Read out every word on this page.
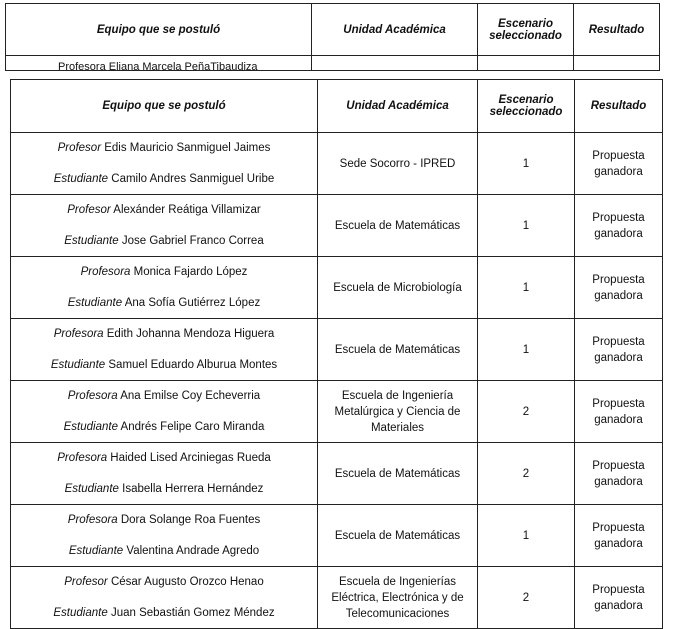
Equipo que se postuló	Unidad Académica	Escenario seleccionado	Resultado

Profesora Eliana Marcela PeñaTibaudiza			

Equipo que se postuló	Unidad Académica	Escenario seleccionado	Resultado

Profesor Edis Mauricio Sanmiguel Jaimes
Estudiante Camilo Andres Sanmiguel Uribe	Sede Socorro - IPRED	1	Propuesta ganadora

Profesor Alexánder Reátiga Villamizar
Estudiante Jose Gabriel Franco Correa	Escuela de Matemáticas	1	Propuesta ganadora

Profesora Monica Fajardo López
Estudiante Ana Sofía Gutiérrez López	Escuela de Microbiología	1	Propuesta ganadora

Profesora Edith Johanna Mendoza Higuera
Estudiante Samuel Eduardo Alburua Montes	Escuela de Matemáticas	1	Propuesta ganadora

Profesora Ana Emilse Coy Echeverria
Estudiante Andrés Felipe Caro Miranda	Escuela de Ingeniería Metalúrgica y Ciencia de Materiales	2	Propuesta ganadora

Profesora Haided Lised Arciniegas Rueda
Estudiante Isabella Herrera Hernández	Escuela de Matemáticas	2	Propuesta ganadora

Profesora Dora Solange Roa Fuentes
Estudiante Valentina Andrade Agredo	Escuela de Matemáticas	1	Propuesta ganadora

Profesor César Augusto Orozco Henao
Estudiante Juan Sebastián Gomez Méndez	Escuela de Ingenierías Eléctrica, Electrónica y de Telecomunicaciones	2	Propuesta ganadora
